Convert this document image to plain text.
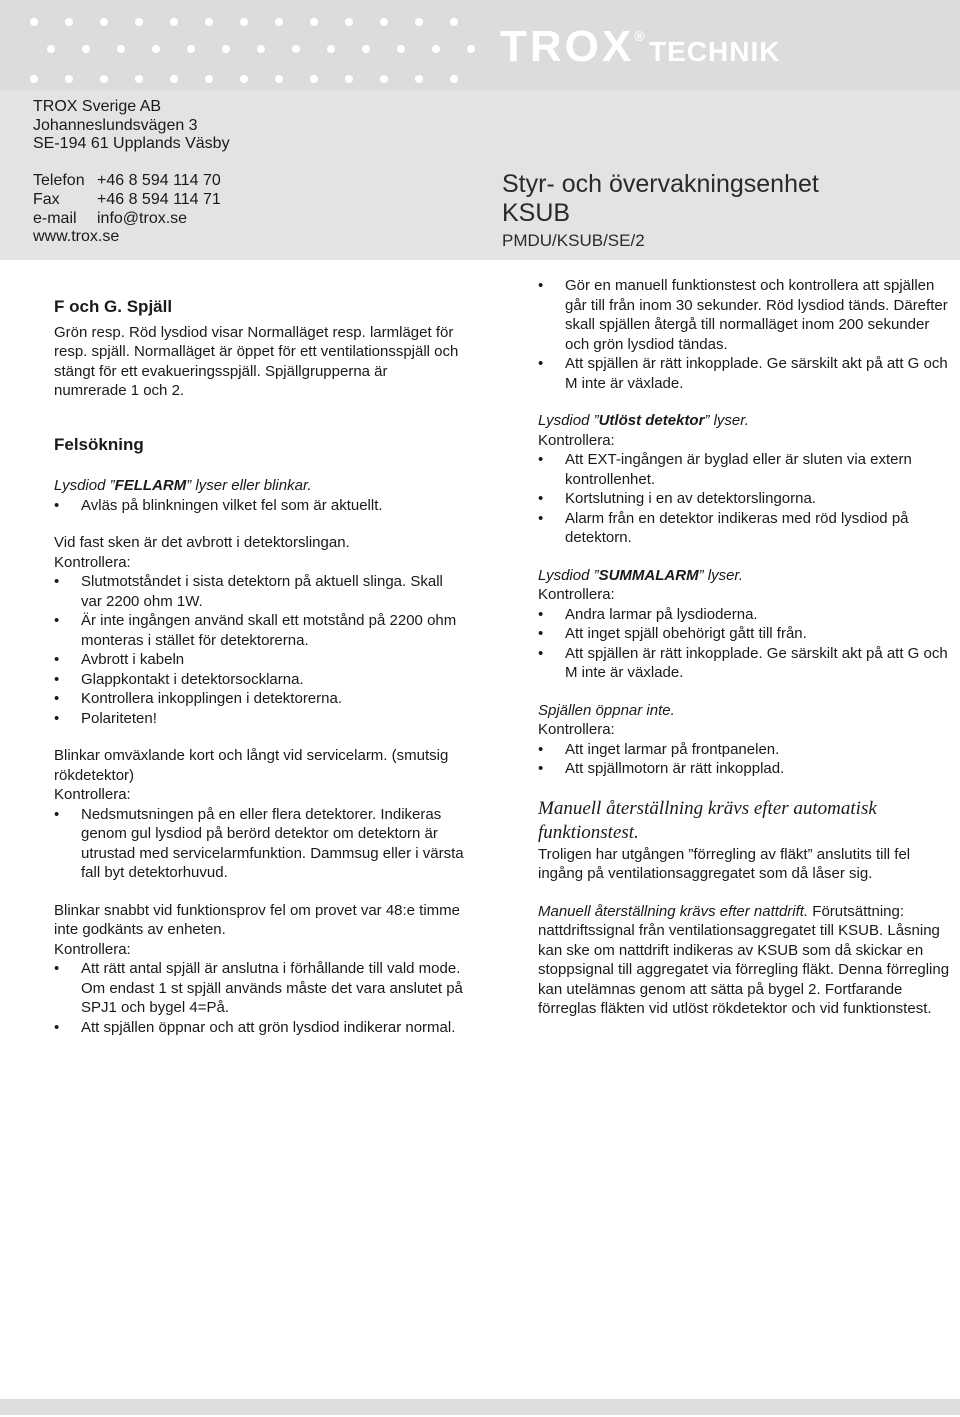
TROX® TECHNIK
TROX Sverige AB
Johanneslundsvägen 3
SE-194 61 Upplands Väsby
Telefon +46 8 594 114 70
Fax	+46 8 594 114 71
e-mail	info@trox.se
www.trox.se
Styr- och övervakningsenhet
KSUB
PMDU/KSUB/SE/2

F och G. Spjäll

Grön resp. Röd lysdiod visar Normalläget resp. larmläget för resp. spjäll. Normalläget är öppet för ett ventilationsspjäll och stängt för ett evakueringsspjäll. Spjällgrupperna är numrerade 1 och 2.

Felsökning

Lysdiod ”FELLARM” lyser eller blinkar.

• Avläs på blinkningen vilket fel som är aktuellt.

Vid fast sken är det avbrott i detektorslingan.

Kontrollera:

• Slutmotståndet i sista detektorn på aktuell slinga. Skall var 2200 ohm 1W.
• Är inte ingången använd skall ett motstånd på 2200 ohm monteras i stället för detektorerna.
• Avbrott i kabeln
• Glappkontakt i detektorsocklarna.
• Kontrollera inkopplingen i detektorerna.
• Polariteten!

Blinkar omväxlande kort och långt vid servicelarm. (smutsig rökdetektor)

Kontrollera:

• Nedsmutsningen på en eller flera detektorer. Indikeras genom gul lysdiod på berörd detektor om detektorn är utrustad med servicelarmfunktion. Dammsug eller i värsta fall byt detektorhuvud.

Blinkar snabbt vid funktionsprov fel om provet var 48:e timme inte godkänts av enheten.

Kontrollera:

• Att rätt antal spjäll är anslutna i förhållande till vald mode. Om endast 1 st spjäll används måste det vara anslutet på SPJ1 och bygel 4=På.
• Att spjällen öppnar och att grön lysdiod indikerar normal.
• Gör en manuell funktionstest och kontrollera att spjällen går till från inom 30 sekunder. Röd lysdiod tänds. Därefter skall spjällen återgå till normalläget inom 200 sekunder och grön lysdiod tändas.
• Att spjällen är rätt inkopplade. Ge särskilt akt på att G och M inte är växlade.

Lysdiod ”Utlöst detektor” lyser.

Kontrollera:

• Att EXT-ingången är byglad eller är sluten via extern kontrollenhet.
• Kortslutning i en av detektorslingorna.
• Alarm från en detektor indikeras med röd lysdiod på detektorn.

Lysdiod ”SUMMALARM” lyser.

Kontrollera:

• Andra larmar på lysdioderna.
• Att inget spjäll obehörigt gått till från.
• Att spjällen är rätt inkopplade. Ge särskilt akt på att G och M inte är växlade.

Spjällen öppnar inte.

Kontrollera:

• Att inget larmar på frontpanelen.
• Att spjällmotorn är rätt inkopplad.

Manuell återställning krävs efter automatisk funktionstest.

Troligen har utgången ”förregling av fläkt” anslutits till fel ingång på ventilationsaggregatet som då låser sig.

Manuell återställning krävs efter nattdrift. Förutsättning: nattdriftssignal från ventilationsaggregatet till KSUB. Låsning kan ske om nattdrift indikeras av KSUB som då skickar en stoppsignal till aggregatet via förregling fläkt. Denna förregling kan utelämnas genom att sätta på bygel 2. Fortfarande förreglas fläkten vid utlöst rökdetektor och vid funktionstest.
